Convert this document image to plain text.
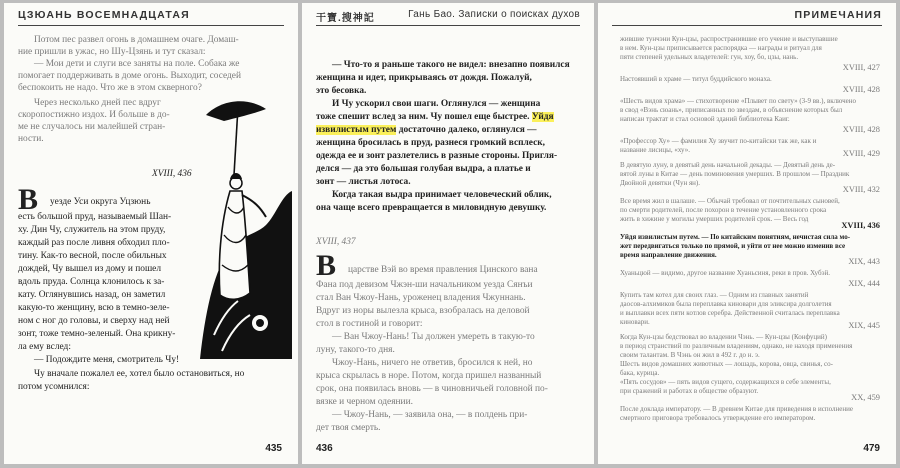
ЦЗЮАНЬ ВОСЕМНАДЦАТАЯ
Потом пес развел огонь в домашнем очаге. Домаш-
ние пришли в ужас, но Шу-Цзянь и тут сказал:
— Мои дети и слуги все заняты на поле. Собака же
помогает поддерживать в доме огонь. Выходит, соседей
беспокоить не надо. Что же в этом скверного?
Через несколько дней пес вдруг
скоропостижно издох. И больше в до-
ме не случалось ни малейшей стран-
ности.
XVIII, 436
В уезде Уси округа Уцзюнь
есть большой пруд, называемый Шан-
ху. Дин Чу, служитель на этом пруду,
каждый раз после ливня обходил пло-
тину. Как-то весной, после обильных
дождей, Чу вышел из дому и пошел
вдоль пруда. Солнца клонилось к за-
кату. Оглянувшись назад, он заметил
какую-то женщину, всю в темно-зеле-
ном с ног до головы, и сверху над ней
зонт, тоже темно-зеленый. Она крикну-
ла ему вслед:
— Подождите меня, смотритель Чу!
Чу вначале пожалел ее, хотел было остановиться, но
потом усомнился:
435
干寶.搜神記	Гань Бао. Записки о поисках духов
— Что-то я раньше такого не видел: внезапно появился
женщина и идет, прикрываясь от дождя. Пожалуй,
это бесовка.
И Чу ускорил свои шаги. Оглянулся — женщина
тоже спешит вслед за ним. Чу пошел еще быстрее. Уйдя
извилистым путем достаточно далеко, оглянулся —
женщина бросилась в пруд, разнеся громкий всплеск,
одежда ее и зонт разлетелись в разные стороны. Пригля-
делся — да это большая голубая выдра, а платье и
зонт — листья лотоса.
Когда такая выдра принимает человеческий облик,
она чаще всего превращается в миловидную девушку.
XVIII, 437
В царстве Вэй во время правления Цинского вана
Фана под девизом Чжэн-ши начальником уезда Сянъи
стал Ван Чжоу-Нань, уроженец владения Чжуннань.
Вдруг из норы вылезла крыса, взобралась на деловой
стол в гостиной и говорит:
— Ван Чжоу-Нань! Ты должен умереть в такую-то
луну, такого-то дня.
Чжоу-Нань, ничего не ответив, бросился к ней, но
крыса скрылась в норе. Потом, когда пришел названный
срок, она появилась вновь — в чиновничьей головной по-
вязке и черном одеянии.
— Чжоу-Нань, — заявила она, — в полдень при-
дет твоя смерть.
436
ПРИМЕЧАНИЯ
жившие тунчэни Кун-цзы, распространившие его учение и выступавшие
в нем. Кун-цзы приписывается распорядка — награды и ритуал для
пяти степеней удельных владетелей: гун, хоу, бо, цзы, нань.
XVIII, 427
Настоявший в храме — титул буддийского монаха.
XVIII, 428
«Шесть видов храма» — стихотворение «Плывет по свету» (3-9 вв.), включено
в свод «Вэнь сюань», приписанных по звездам, в объяснение которых был
написан трактат и стал основой зданий библиотека Каиг.
XVIII, 428
«Профессор Ху» — фамилия Ху звучит по-китайски так же, как и
название лисицы, «ху».	XVIII, 429
В девятую луну, в девятый день начальной декады. — Девятый день де-
вятой луны в Китае — день поминовения умерших. В прошлом — Праздник
Двойной девятки (Чун ян).
XVIII, 432
Все время жил в шалаше. — Обычай требовал от почтительных сыновей,
по смерти родителей, после похорон в течение установленного срока
жить в хижине у могилы умерших родителей срок. — Весь год
XVIII, 436
Уйдя извилистым путем. — По китайским понятиям, нечистая сила мо-
жет передвигаться только по прямой, и уйти от нее можно изменив все
время направление движения.
XIX, 443
Хуаньцюй — видимо, другое название Хуаньсиня, реки в пров. Хубэй.
XIX, 444
Купить там котел для своих глаз. — Одним из главных занятий
даосов-алхимиков была переплавка киновари для эликсира долголетия
и выплавки всех пяти котлов серебра. Действенной считалась переплавка
киновари.	XIX, 445
Когда Кун-цзы бедствовал во владении Чэнь. — Кун-цзы (Конфуций)
в период странствий по различным владениям, однако, не находя применения
своим талантам. В Чэнь он жил в 492 г. до н. э.
Шесть видов домашних животных — лошадь, корова, овца, свинья, со-
бака, курица.
«Пять сосудов» — пять видов сущего, содержащихся в себе элементы,
при сражений и работах в обществе образуют.
XX, 459
После доклада императору. — В древнем Китае для приведения в исполнение
смертного приговора требовалось утверждение его императором.
479
